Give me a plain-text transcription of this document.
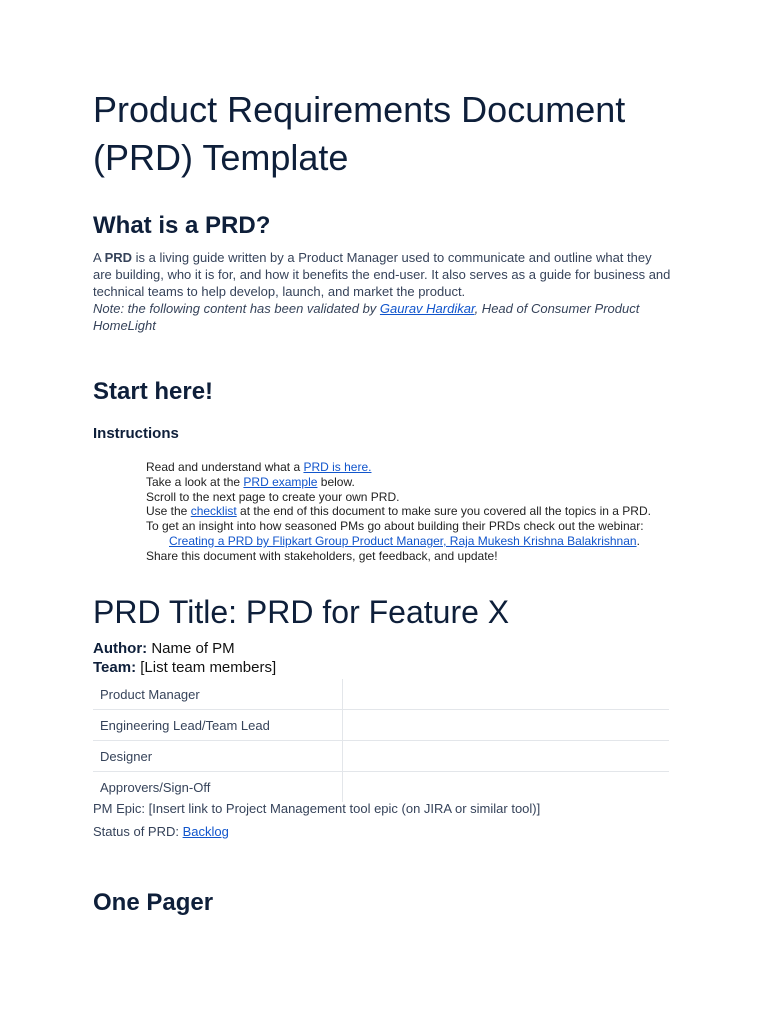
Product Requirements Document (PRD) Template
What is a PRD?
A PRD is a living guide written by a Product Manager used to communicate and outline what they are building, who it is for, and how it benefits the end-user. It also serves as a guide for business and technical teams to help develop, launch, and market the product.
Note: the following content has been validated by Gaurav Hardikar, Head of Consumer Product HomeLight
Start here!
Instructions
Read and understand what a PRD is here.
Take a look at the PRD example below.
Scroll to the next page to create your own PRD.
Use the checklist at the end of this document to make sure you covered all the topics in a PRD.
To get an insight into how seasoned PMs go about building their PRDs check out the webinar:
Creating a PRD by Flipkart Group Product Manager, Raja Mukesh Krishna Balakrishnan.
Share this document with stakeholders, get feedback, and update!
PRD Title: PRD for Feature X
Author: Name of PM
Team: [List team members]
Product Manager	
Engineering Lead/Team Lead	
Designer	
Approvers/Sign-Off	
PM Epic: [Insert link to Project Management tool epic (on JIRA or similar tool)]
Status of PRD: Backlog
One Pager
